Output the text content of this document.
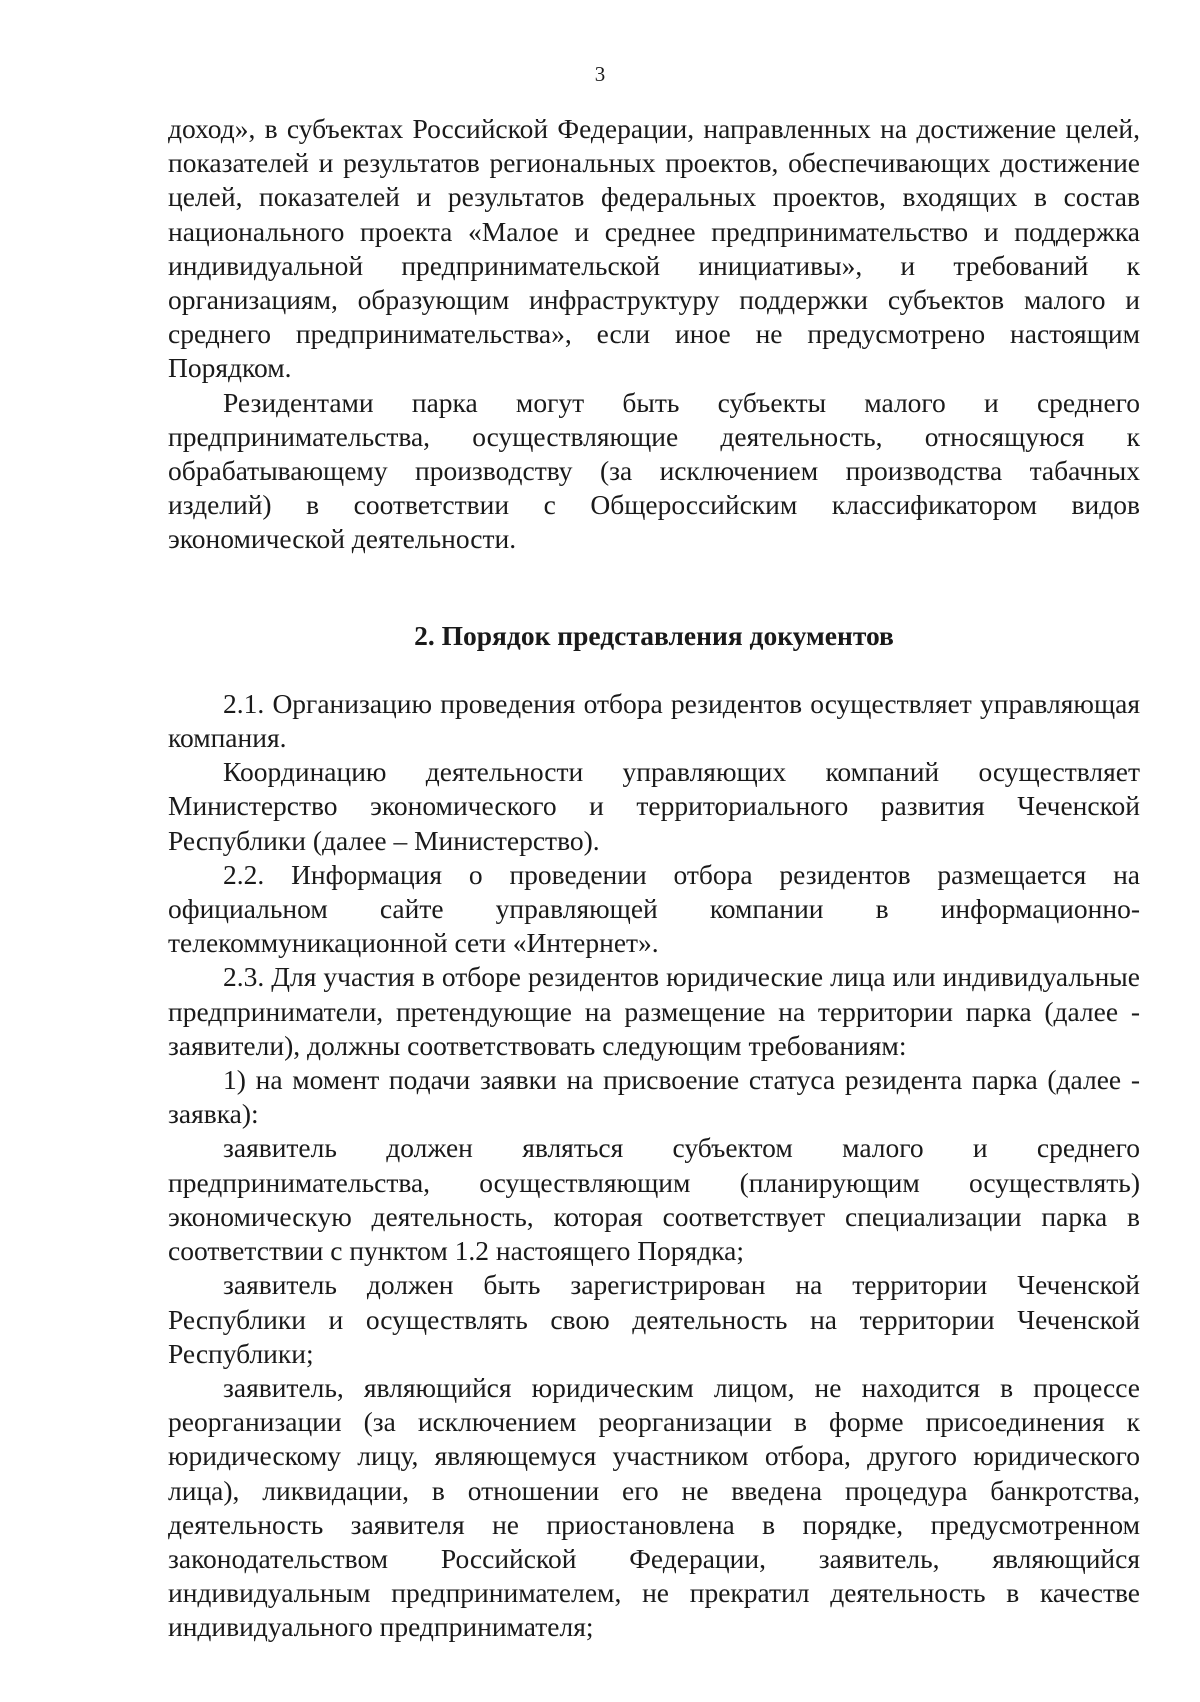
3

доход», в субъектах Российской Федерации, направленных на достижение целей, показателей и результатов региональных проектов, обеспечивающих достижение целей, показателей и результатов федеральных проектов, входящих в состав национального проекта «Малое и среднее предпринимательство и поддержка индивидуальной предпринимательской инициативы», и требований к организациям, образующим инфраструктуру поддержки субъектов малого и среднего предпринимательства», если иное не предусмотрено настоящим Порядком.

Резидентами парка могут быть субъекты малого и среднего предпринимательства, осуществляющие деятельность, относящуюся к обрабатывающему производству (за исключением производства табачных изделий) в соответствии с Общероссийским классификатором видов экономической деятельности.

2. Порядок представления документов

2.1. Организацию проведения отбора резидентов осуществляет управляющая компания.

Координацию деятельности управляющих компаний осуществляет Министерство экономического и территориального развития Чеченской Республики (далее – Министерство).

2.2. Информация о проведении отбора резидентов размещается на официальном сайте управляющей компании в информационно-телекоммуникационной сети «Интернет».

2.3. Для участия в отборе резидентов юридические лица или индивидуальные предприниматели, претендующие на размещение на территории парка (далее - заявители), должны соответствовать следующим требованиям:

1) на момент подачи заявки на присвоение статуса резидента парка (далее - заявка):

заявитель должен являться субъектом малого и среднего предпринимательства, осуществляющим (планирующим осуществлять) экономическую деятельность, которая соответствует специализации парка в соответствии с пунктом 1.2 настоящего Порядка;

заявитель должен быть зарегистрирован на территории Чеченской Республики и осуществлять свою деятельность на территории Чеченской Республики;

заявитель, являющийся юридическим лицом, не находится в процессе реорганизации (за исключением реорганизации в форме присоединения к юридическому лицу, являющемуся участником отбора, другого юридического лица), ликвидации, в отношении его не введена процедура банкротства, деятельность заявителя не приостановлена в порядке, предусмотренном законодательством Российской Федерации, заявитель, являющийся индивидуальным предпринимателем, не прекратил деятельность в качестве индивидуального предпринимателя;
